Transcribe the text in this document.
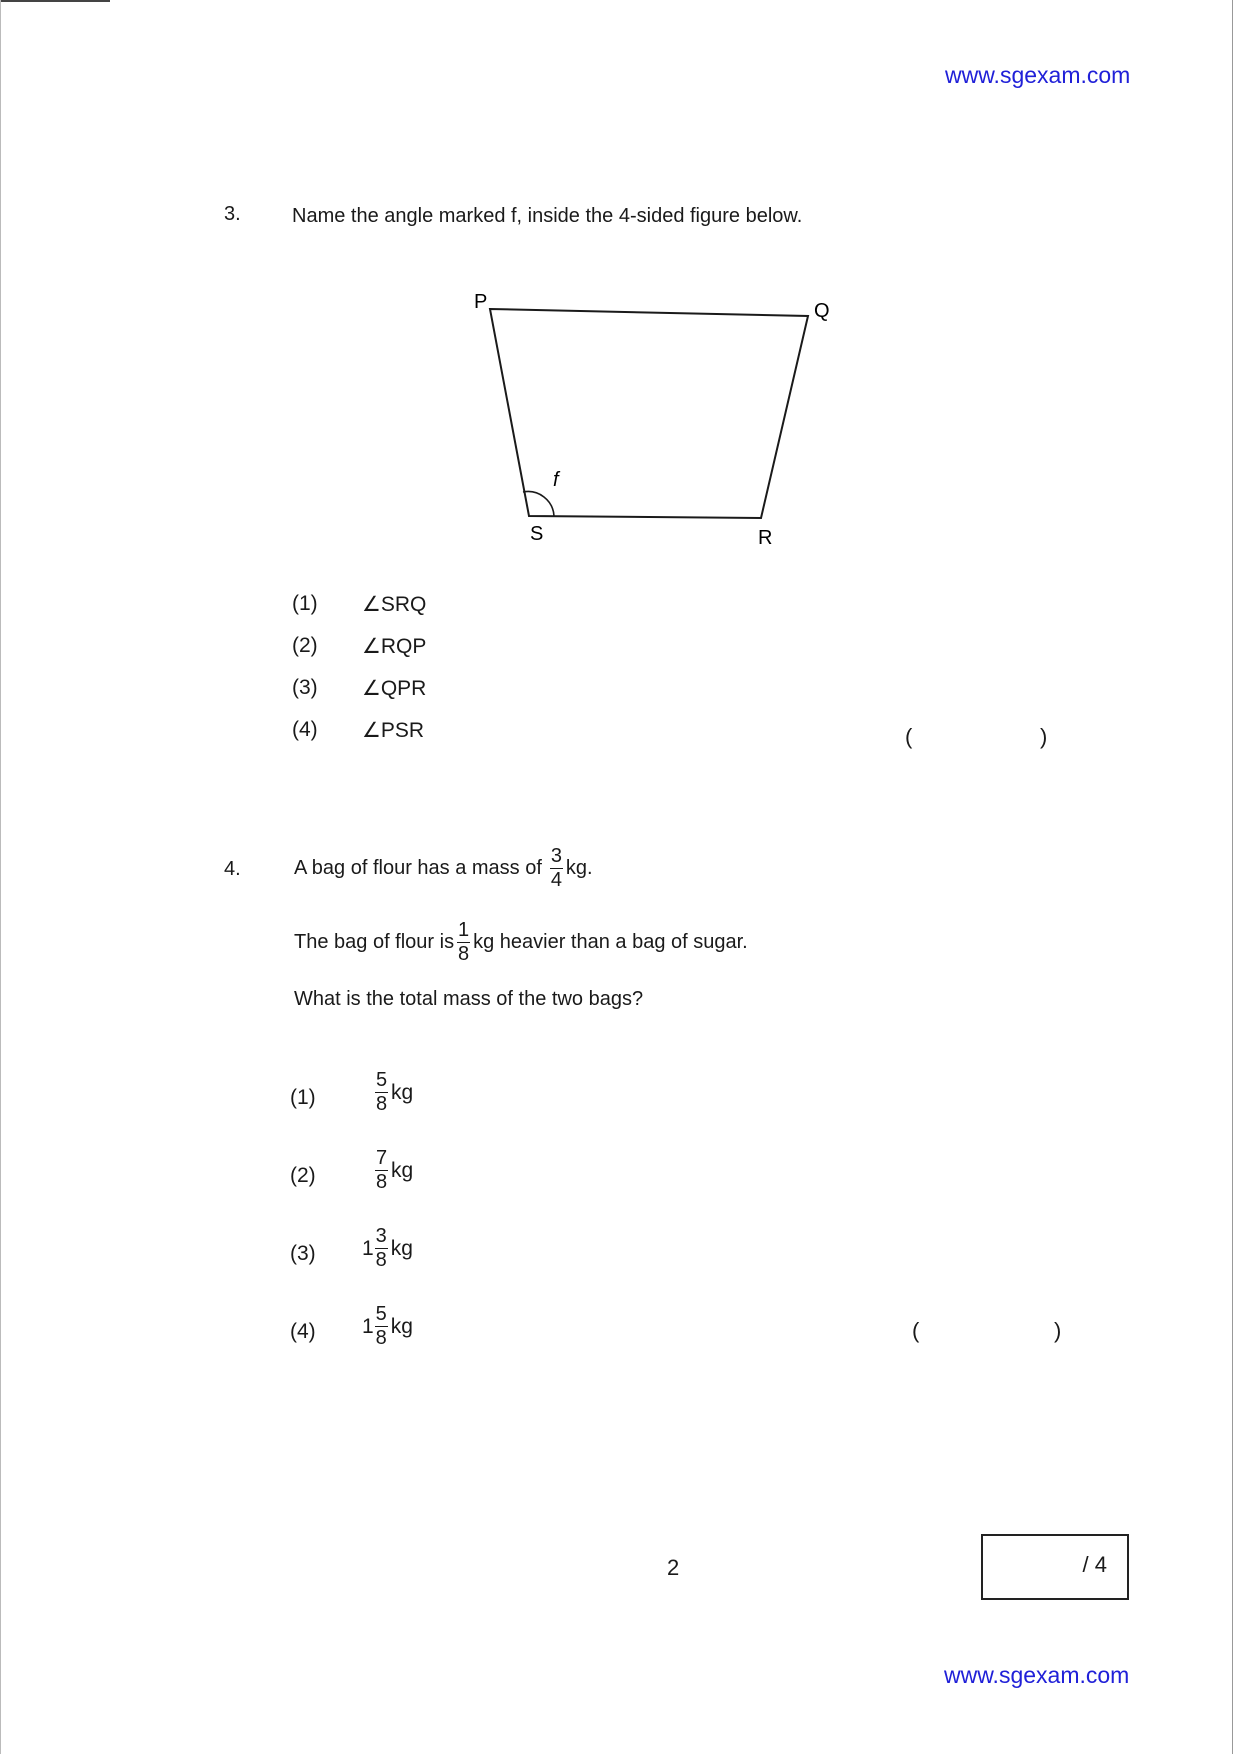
www.sgexam.com
3.	Name the angle marked f, inside the 4-sided figure below.
P	Q
R
S
f
(1) ∠SRQ
(2) ∠RQP
(3) ∠QPR
(4) ∠PSR	(	)
4.	A bag of flour has a mass of $\frac{3}{4}$ kg.
The bag of flour is $\frac{1}{8}$ kg heavier than a bag of sugar.
What is the total mass of the two bags?
(1)	$\frac{5}{8}$ kg
(2)	$\frac{7}{8}$ kg
(3) $1 \frac{3}{8}$ kg
(4) $1 \frac{5}{8}$ kg	(	)
2	/ 4
www.sgexam.com
